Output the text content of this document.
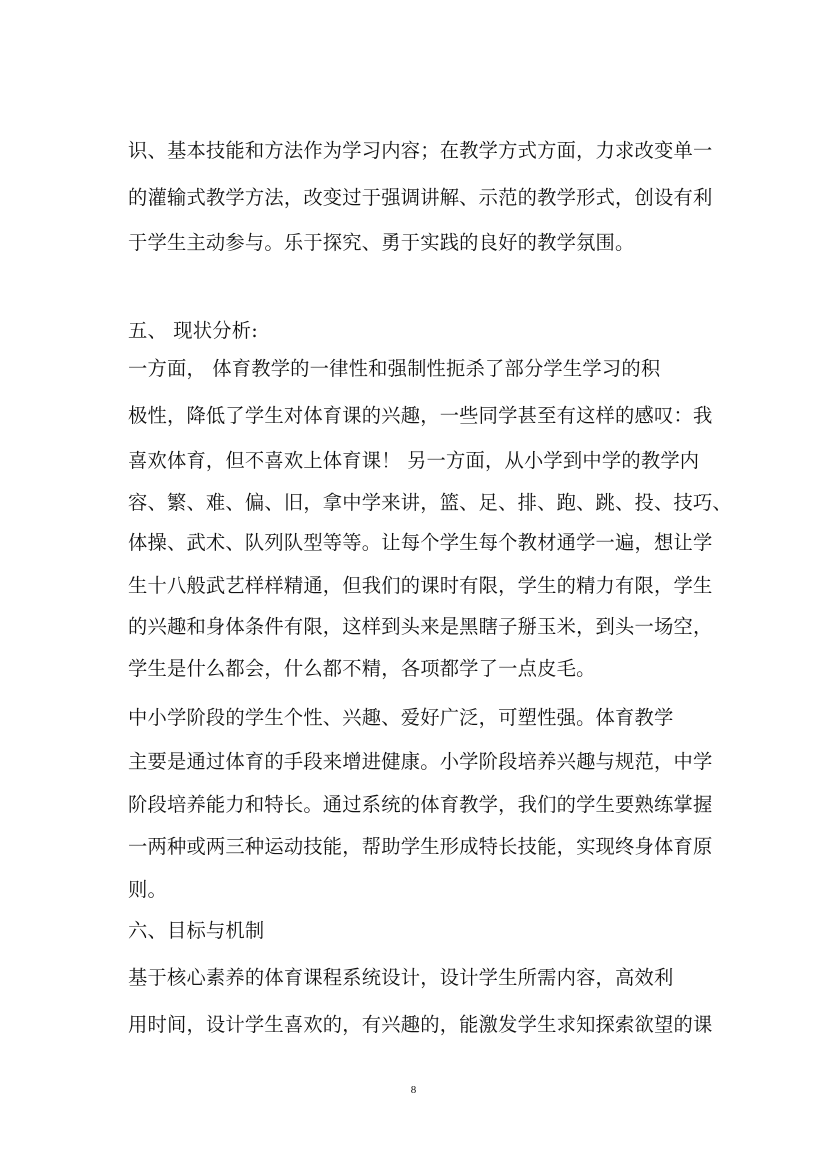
识、基本技能和方法作为学习内容；在教学方式方面，力求改变单一
的灌输式教学方法，改变过于强调讲解、示范的教学形式，创设有利
于学生主动参与。乐于探究、勇于实践的良好的教学氛围。
五、 现状分析:
一方面， 体育教学的一律性和强制性扼杀了部分学生学习的积
极性，降低了学生对体育课的兴趣，一些同学甚至有这样的感叹：我
喜欢体育，但不喜欢上体育课！ 另一方面，从小学到中学的教学内
容、繁、难、偏、旧，拿中学来讲，篮、足、排、跑、跳、投、技巧、
体操、武术、队列队型等等。让每个学生每个教材通学一遍，想让学
生十八般武艺样样精通，但我们的课时有限，学生的精力有限，学生
的兴趣和身体条件有限，这样到头来是黑瞎子掰玉米，到头一场空，
学生是什么都会，什么都不精，各项都学了一点皮毛。
中小学阶段的学生个性、兴趣、爱好广泛，可塑性强。体育教学
主要是通过体育的手段来增进健康。小学阶段培养兴趣与规范，中学
阶段培养能力和特长。通过系统的体育教学，我们的学生要熟练掌握
一两种或两三种运动技能，帮助学生形成特长技能，实现终身体育原
则。
六、目标与机制
基于核心素养的体育课程系统设计，设计学生所需内容，高效利
用时间，设计学生喜欢的，有兴趣的，能激发学生求知探索欲望的课
8
